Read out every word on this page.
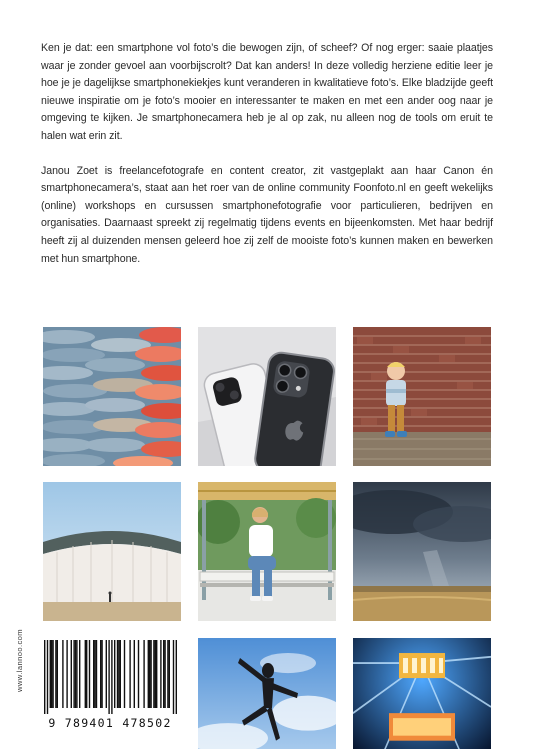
Ken je dat: een smartphone vol foto’s die bewogen zijn, of scheef? Of nog erger: saaie plaatjes waar je zonder gevoel aan voorbijscrolt? Dat kan anders! In deze volledig herziene editie leer je hoe je je dagelijkse smartphonekiekjes kunt veranderen in kwalitatieve foto’s. Elke bladzijde geeft nieuwe inspiratie om je foto’s mooier en interessanter te maken en met een ander oog naar je omgeving te kijken. Je smartphonecamera heb je al op zak, nu alleen nog de tools om eruit te halen wat erin zit.

Janou Zoet is freelancefotografe en content creator, zit vastgeplakt aan haar Canon én smartphonecamera’s, staat aan het roer van de online community Foonfoto.nl en geeft wekelijks (online) workshops en cursussen smartphonefotografie voor particulieren, bedrijven en organisaties. Daarnaast spreekt zij regelmatig tijdens events en bijeenkomsten. Met haar bedrijf heeft zij al duizenden mensen geleerd hoe zij zelf de mooiste foto’s kunnen maken en bewerken met hun smartphone.

www.lannoo.com
9 789401 478502
